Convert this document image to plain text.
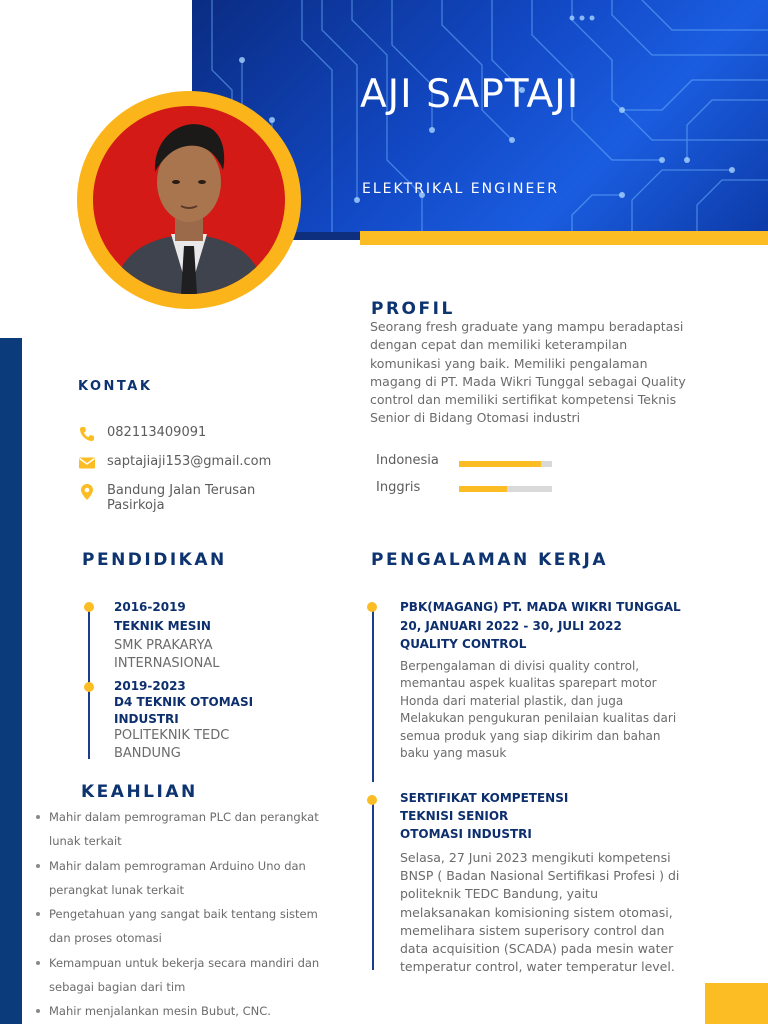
AJI SAPTAJI
ELEKTRIKAL ENGINEER
PROFIL
Seorang fresh graduate yang mampu beradaptasi dengan cepat dan memiliki keterampilan komunikasi yang baik. Memiliki pengalaman magang di PT. Mada Wikri Tunggal sebagai Quality control dan memiliki sertifikat kompetensi Teknis Senior di Bidang Otomasi industri
Indonesia
Inggris
KONTAK
082113409091
saptajiaji153@gmail.com
Bandung Jalan Terusan Pasirkoja
PENDIDIKAN
2016-2019
TEKNIK MESIN
SMK PRAKARYA INTERNASIONAL
2019-2023
D4 TEKNIK OTOMASI INDUSTRI
POLITEKNIK TEDC BANDUNG
KEAHLIAN
Mahir dalam pemrograman PLC dan perangkat lunak terkait
Mahir dalam pemrograman Arduino Uno dan perangkat lunak terkait
Pengetahuan yang sangat baik tentang sistem dan proses otomasi
Kemampuan untuk bekerja secara mandiri dan sebagai bagian dari tim
Mahir menjalankan mesin Bubut, CNC.
PENGALAMAN KERJA
PBK(MAGANG) PT. MADA WIKRI TUNGGAL
20, JANUARI 2022 - 30, JULI 2022
QUALITY CONTROL
Berpengalaman di divisi quality control, memantau aspek kualitas sparepart motor Honda dari material plastik, dan juga Melakukan pengukuran penilaian kualitas dari semua produk yang siap dikirim dan bahan baku yang masuk
SERTIFIKAT KOMPETENSI
TEKNISI SENIOR
OTOMASI INDUSTRI
Selasa, 27 Juni 2023 mengikuti kompetensi BNSP ( Badan Nasional Sertifikasi Profesi ) di politeknik TEDC Bandung, yaitu melaksanakan komisioning sistem otomasi, memelihara sistem superisory control dan data acquisition (SCADA) pada mesin water temperatur control, water temperatur level.
